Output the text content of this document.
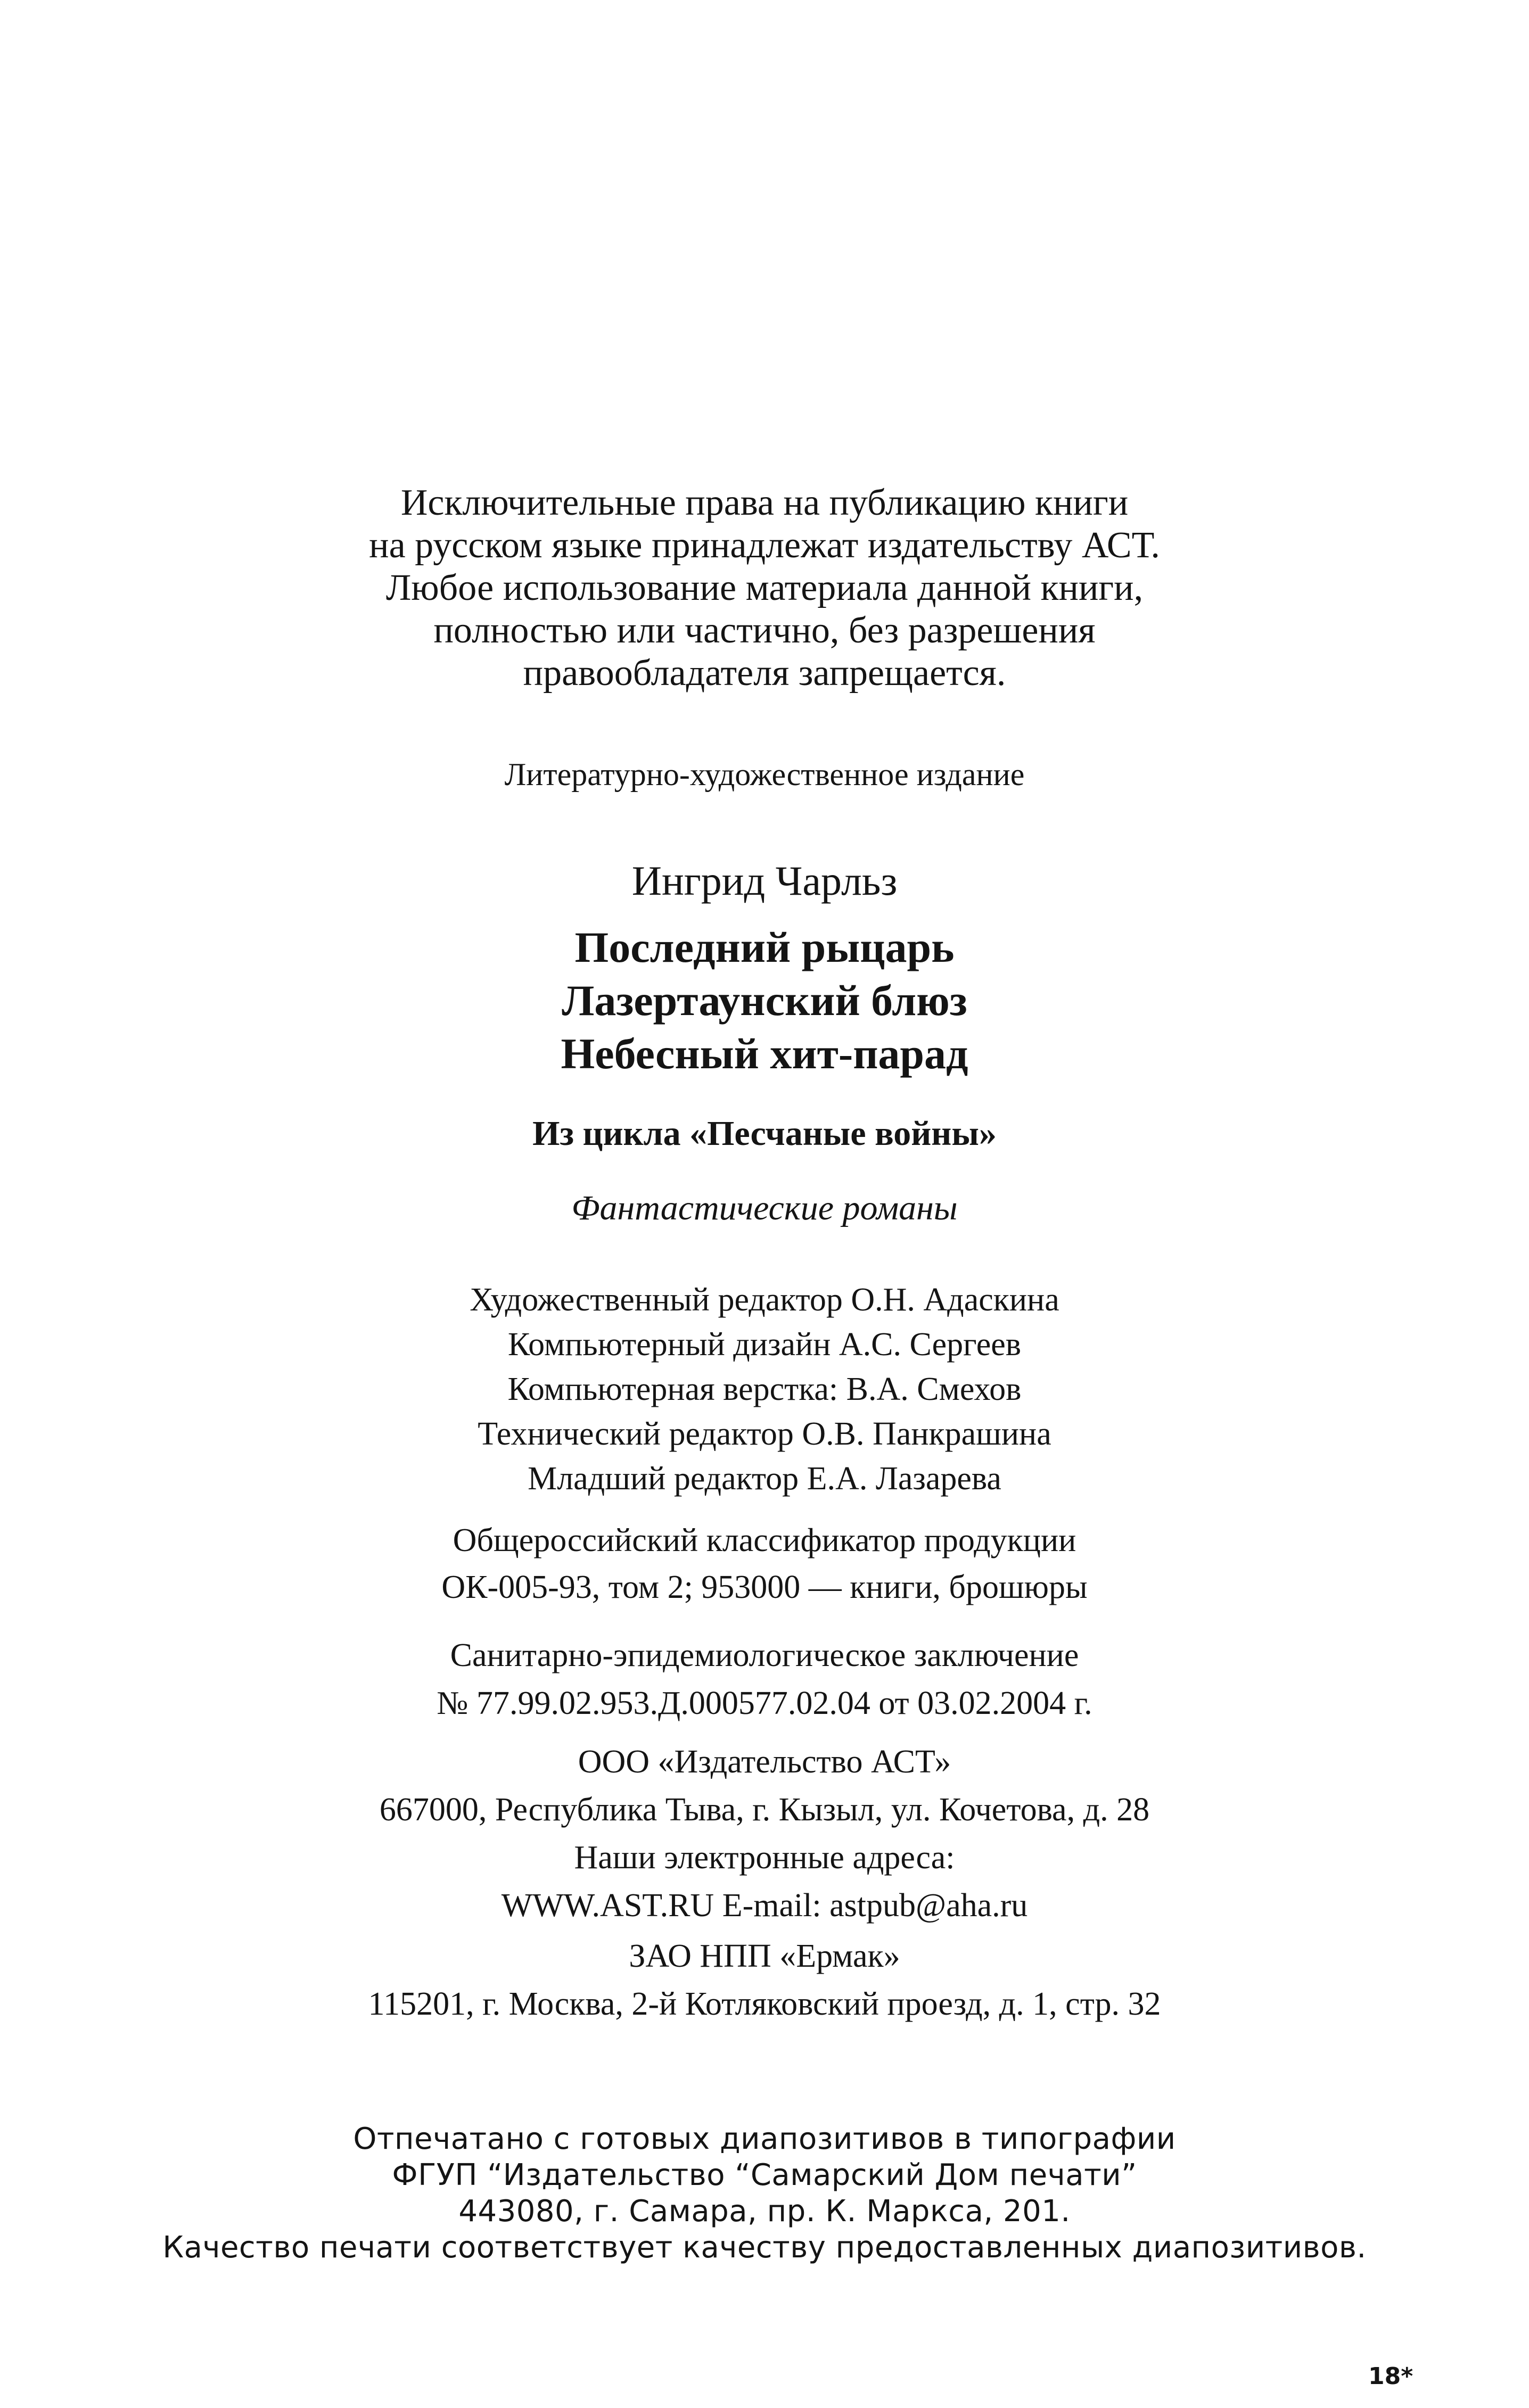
Исключительные права на публикацию книги
на русском языке принадлежат издательству АСТ.
Любое использование материала данной книги,
полностью или частично, без разрешения
правообладателя запрещается.
Литературно-художественное издание
Ингрид Чарльз
Последний рыцарь
Лазертаунский блюз
Небесный хит-парад
Из цикла «Песчаные войны»
Фантастические романы
Художественный редактор О.Н. Адаскина
Компьютерный дизайн А.С. Сергеев
Компьютерная верстка: В.А. Смехов
Технический редактор О.В. Панкрашина
Младший редактор Е.А. Лазарева
Общероссийский классификатор продукции
ОК-005-93, том 2; 953000 — книги, брошюры
Санитарно-эпидемиологическое заключение
№ 77.99.02.953.Д.000577.02.04 от 03.02.2004 г.
ООО «Издательство АСТ»
667000, Республика Тыва, г. Кызыл, ул. Кочетова, д. 28
Наши электронные адреса:
WWW.AST.RU E-mail: astpub@aha.ru
ЗАО НПП «Ермак»
115201, г. Москва, 2-й Котляковский проезд, д. 1, стр. 32
Отпечатано с готовых диапозитивов в типографии
ФГУП “Издательство “Самарский Дом печати”
443080, г. Самара, пр. К. Маркса, 201.
Качество печати соответствует качеству предоставленных диапозитивов.
18*
